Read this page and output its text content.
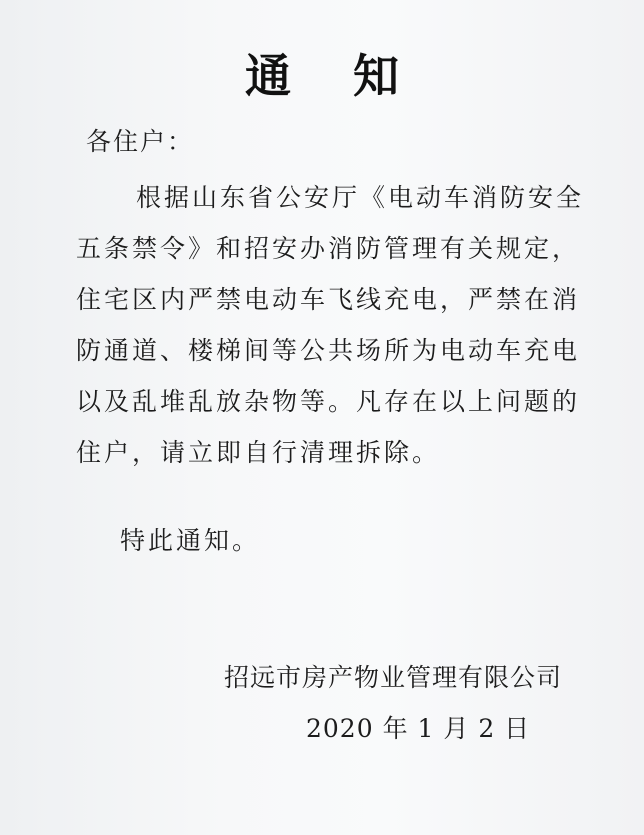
通知
各住户：
根据山东省公安厅《电动车消防安全
五条禁令》和招安办消防管理有关规定，
住宅区内严禁电动车飞线充电，严禁在消
防通道、楼梯间等公共场所为电动车充电
以及乱堆乱放杂物等。凡存在以上问题的
住户，请立即自行清理拆除。
特此通知。
招远市房产物业管理有限公司
2020 年 1 月 2 日
